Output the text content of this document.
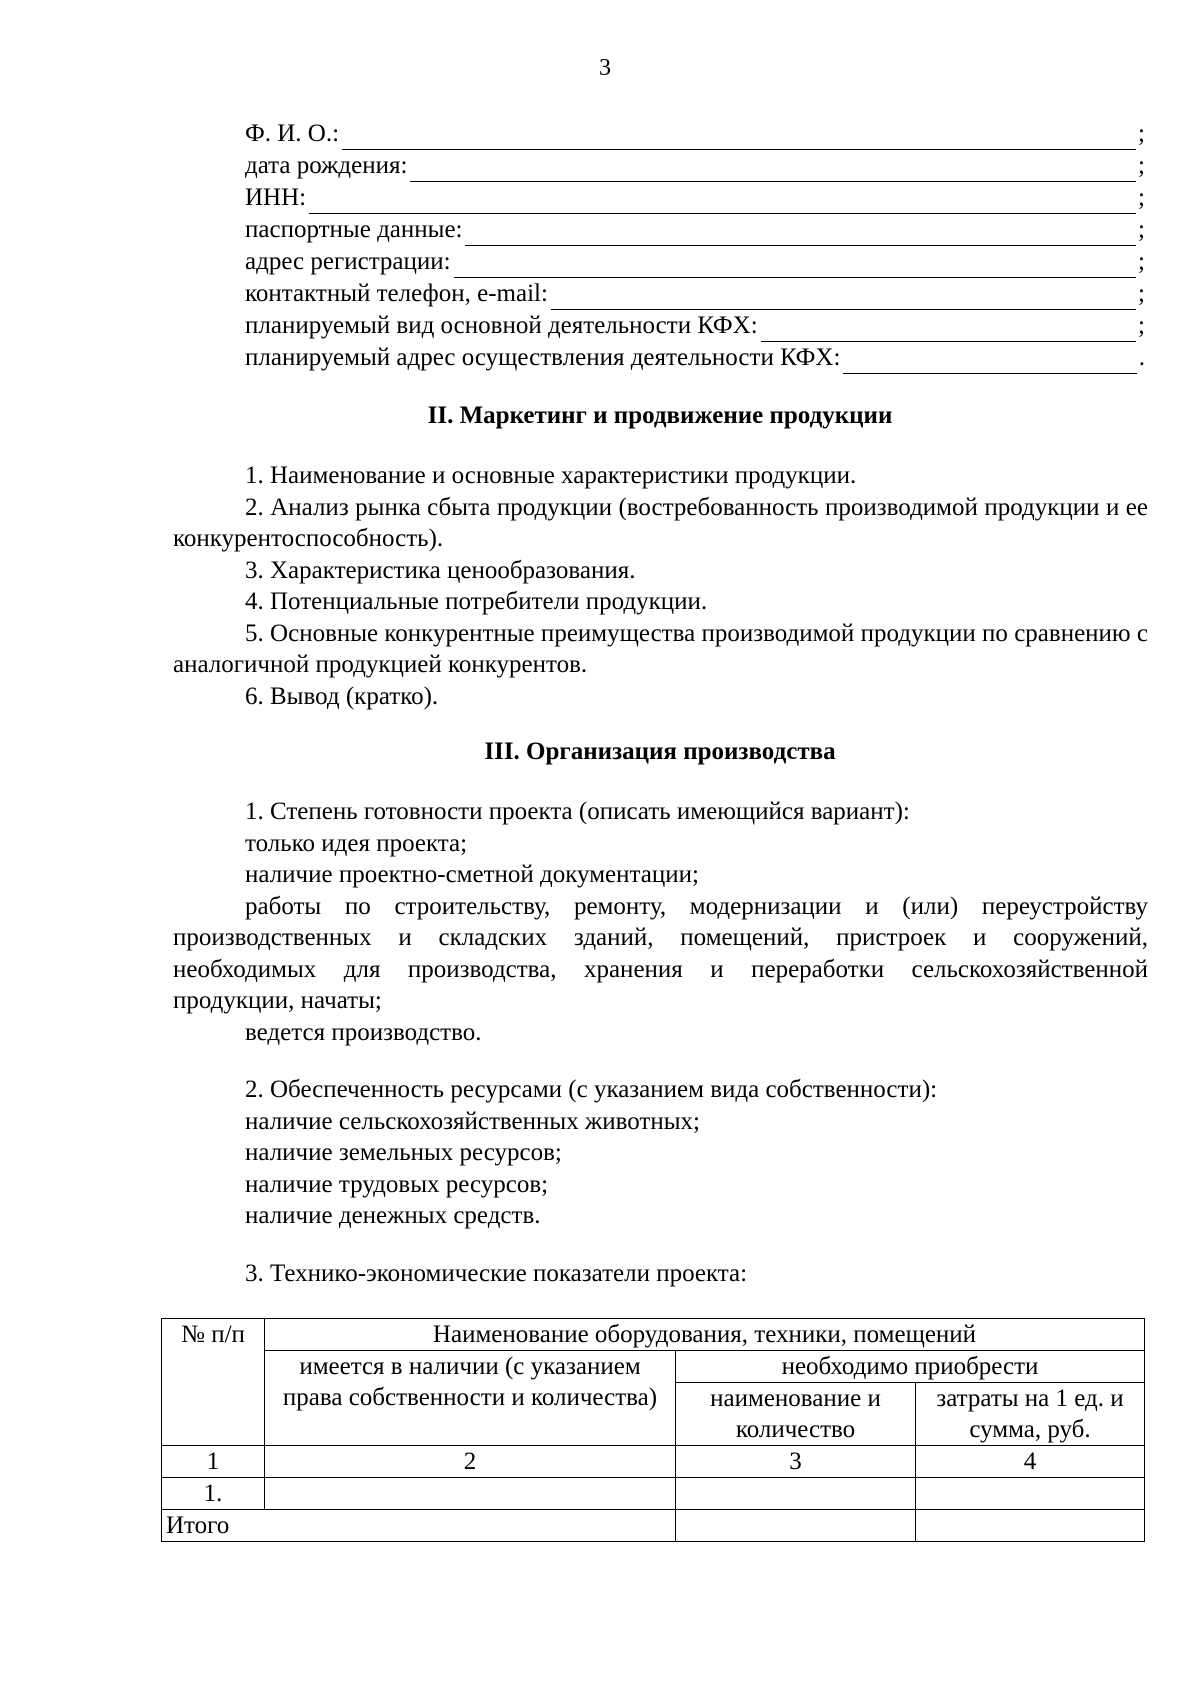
3
Ф. И. О.:	;
дата рождения:	;
ИНН:	;
паспортные данные:	;
адрес регистрации:	;
контактный телефон, e-mail:	;
планируемый вид основной деятельности КФХ:	;
планируемый адрес осуществления деятельности КФХ:	.
II. Маркетинг и продвижение продукции
1. Наименование и основные характеристики продукции.
2. Анализ рынка сбыта продукции (востребованность производимой продукции и ее конкурентоспособность).
3. Характеристика ценообразования.
4. Потенциальные потребители продукции.
5. Основные конкурентные преимущества производимой продукции по сравнению с аналогичной продукцией конкурентов.
6. Вывод (кратко).
III. Организация производства
1. Степень готовности проекта (описать имеющийся вариант):
только идея проекта;
наличие проектно-сметной документации;
работы по строительству, ремонту, модернизации и (или) переустройству производственных и складских зданий, помещений, пристроек и сооружений, необходимых для производства, хранения и переработки сельскохозяйственной продукции, начаты;
ведется производство.
2. Обеспеченность ресурсами (с указанием вида собственности):
наличие сельскохозяйственных животных;
наличие земельных ресурсов;
наличие трудовых ресурсов;
наличие денежных средств.
3. Технико-экономические показатели проекта:
№ п/п	Наименование оборудования, техники, помещений		
	имеется в наличии (с указанием права собственности и количества)	необходимо приобрести	
		наименование и количество	затраты на 1 ед. и сумма, руб.
1	2	3	4
1.			
Итого			
